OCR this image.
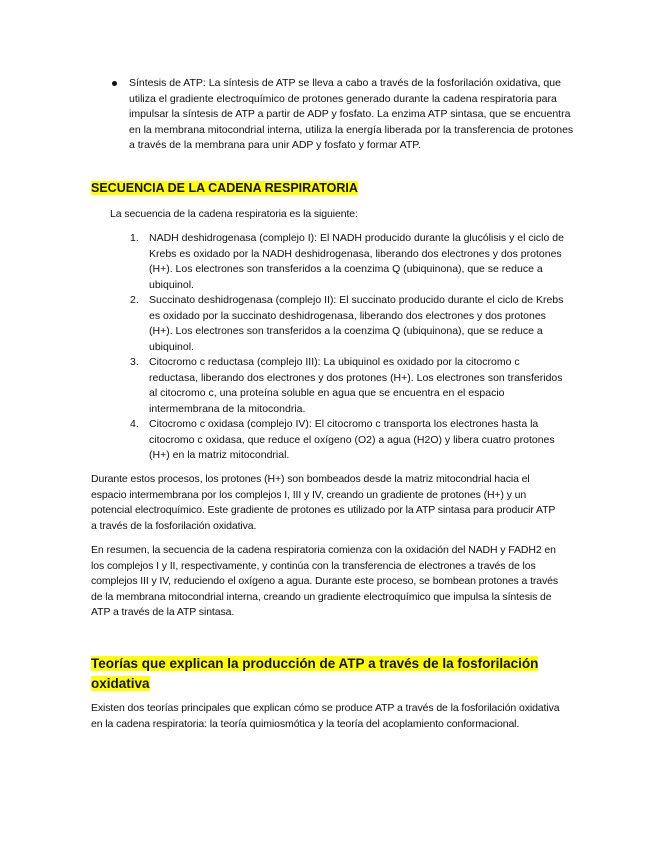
Síntesis de ATP: La síntesis de ATP se lleva a cabo a través de la fosforilación oxidativa, que utiliza el gradiente electroquímico de protones generado durante la cadena respiratoria para impulsar la síntesis de ATP a partir de ADP y fosfato. La enzima ATP sintasa, que se encuentra en la membrana mitocondrial interna, utiliza la energía liberada por la transferencia de protones a través de la membrana para unir ADP y fosfato y formar ATP.

SECUENCIA DE LA CADENA RESPIRATORIA

La secuencia de la cadena respiratoria es la siguiente:

1. NADH deshidrogenasa (complejo I): El NADH producido durante la glucólisis y el ciclo de Krebs es oxidado por la NADH deshidrogenasa, liberando dos electrones y dos protones (H+). Los electrones son transferidos a la coenzima Q (ubiquinona), que se reduce a ubiquinol.

2. Succinato deshidrogenasa (complejo II): El succinato producido durante el ciclo de Krebs es oxidado por la succinato deshidrogenasa, liberando dos electrones y dos protones (H+). Los electrones son transferidos a la coenzima Q (ubiquinona), que se reduce a ubiquinol.

3. Citocromo c reductasa (complejo III): La ubiquinol es oxidado por la citocromo c reductasa, liberando dos electrones y dos protones (H+). Los electrones son transferidos al citocromo c, una proteína soluble en agua que se encuentra en el espacio intermembrana de la mitocondria.

4. Citocromo c oxidasa (complejo IV): El citocromo c transporta los electrones hasta la citocromo c oxidasa, que reduce el oxígeno (O2) a agua (H2O) y libera cuatro protones (H+) en la matriz mitocondrial.

Durante estos procesos, los protones (H+) son bombeados desde la matriz mitocondrial hacia el espacio intermembrana por los complejos I, III y IV, creando un gradiente de protones (H+) y un potencial electroquímico. Este gradiente de protones es utilizado por la ATP sintasa para producir ATP a través de la fosforilación oxidativa.

En resumen, la secuencia de la cadena respiratoria comienza con la oxidación del NADH y FADH2 en los complejos I y II, respectivamente, y continúa con la transferencia de electrones a través de los complejos III y IV, reduciendo el oxígeno a agua. Durante este proceso, se bombean protones a través de la membrana mitocondrial interna, creando un gradiente electroquímico que impulsa la síntesis de ATP a través de la ATP sintasa.

Teorías que explican la producción de ATP a través de la fosforilación oxidativa

Existen dos teorías principales que explican cómo se produce ATP a través de la fosforilación oxidativa en la cadena respiratoria: la teoría quimiosmótica y la teoría del acoplamiento conformacional.
